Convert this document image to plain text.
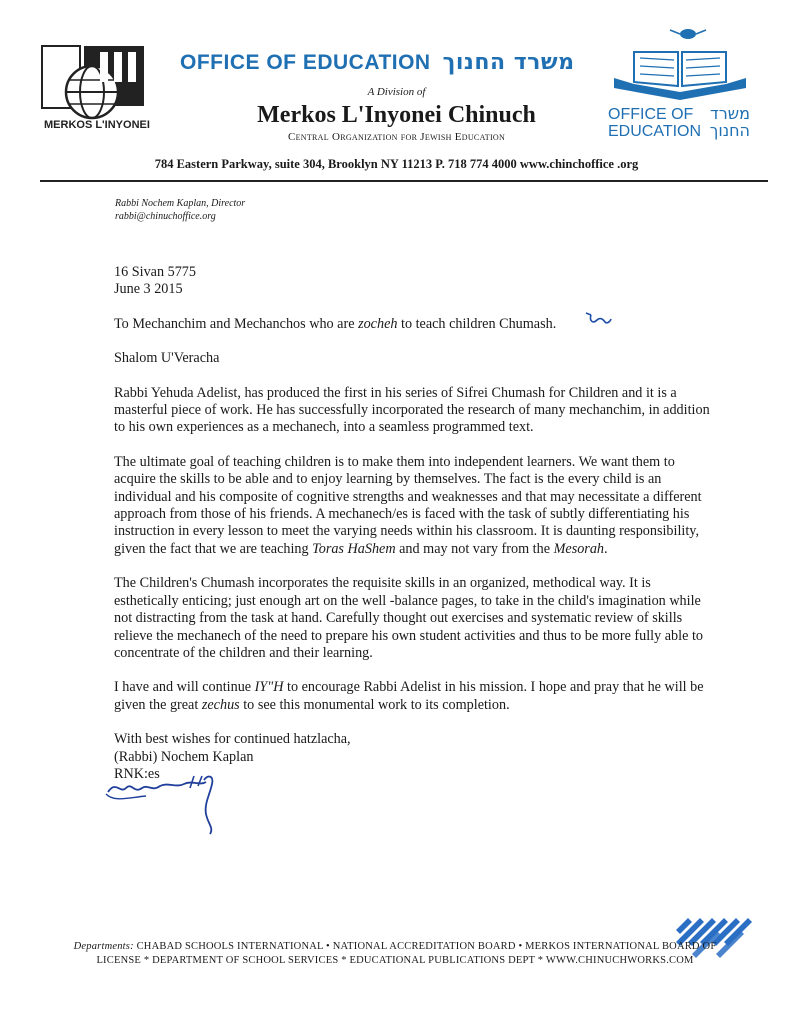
MERKOS L'INYONEI
OFFICE OF EDUCATION משרד החנוך
A Division of
Merkos L'Inyonei Chinuch
Central Organization for Jewish Education
OFFICE OF משרד
EDUCATION החנוך
784 Eastern Parkway, suite 304, Brooklyn NY 11213 P. 718 774 4000 www.chinchoffice .org
Rabbi Nochem Kaplan, Director
rabbi@chinuchoffice.org

16 Sivan 5775
June 3 2015

To Mechanchim and Mechanchos who are zocheh to teach children Chumash.

Shalom U'Veracha

Rabbi Yehuda Adelist, has produced the first in his series of Sifrei Chumash for Children and it is a masterful piece of work. He has successfully incorporated the research of many mechanchim, in addition to his own experiences as a mechanech, into a seamless programmed text.

The ultimate goal of teaching children is to make them into independent learners. We want them to acquire the skills to be able and to enjoy learning by themselves. The fact is the every child is an individual and his composite of cognitive strengths and weaknesses and that may necessitate a different approach from those of his friends. A mechanech/es is faced with the task of subtly differentiating his instruction in every lesson to meet the varying needs within his classroom. It is daunting responsibility, given the fact that we are teaching Toras HaShem and may not vary from the Mesorah.

The Children's Chumash incorporates the requisite skills in an organized, methodical way. It is esthetically enticing; just enough art on the well -balance pages, to take in the child's imagination while not distracting from the task at hand. Carefully thought out exercises and systematic review of skills relieve the mechanech of the need to prepare his own student activities and thus to be more fully able to concentrate of the children and their learning.

I have and will continue IY"H to encourage Rabbi Adelist in his mission. I hope and pray that he will be given the great zechus to see this monumental work to its completion.

With best wishes for continued hatzlacha,
(Rabbi) Nochem Kaplan
RNK:es

Departments: CHABAD SCHOOLS INTERNATIONAL • NATIONAL ACCREDITATION BOARD • MERKOS INTERNATIONAL BOARD OF
LICENSE * DEPARTMENT OF SCHOOL SERVICES * EDUCATIONAL PUBLICATIONS DEPT * WWW.CHINUCHWORKS.COM
